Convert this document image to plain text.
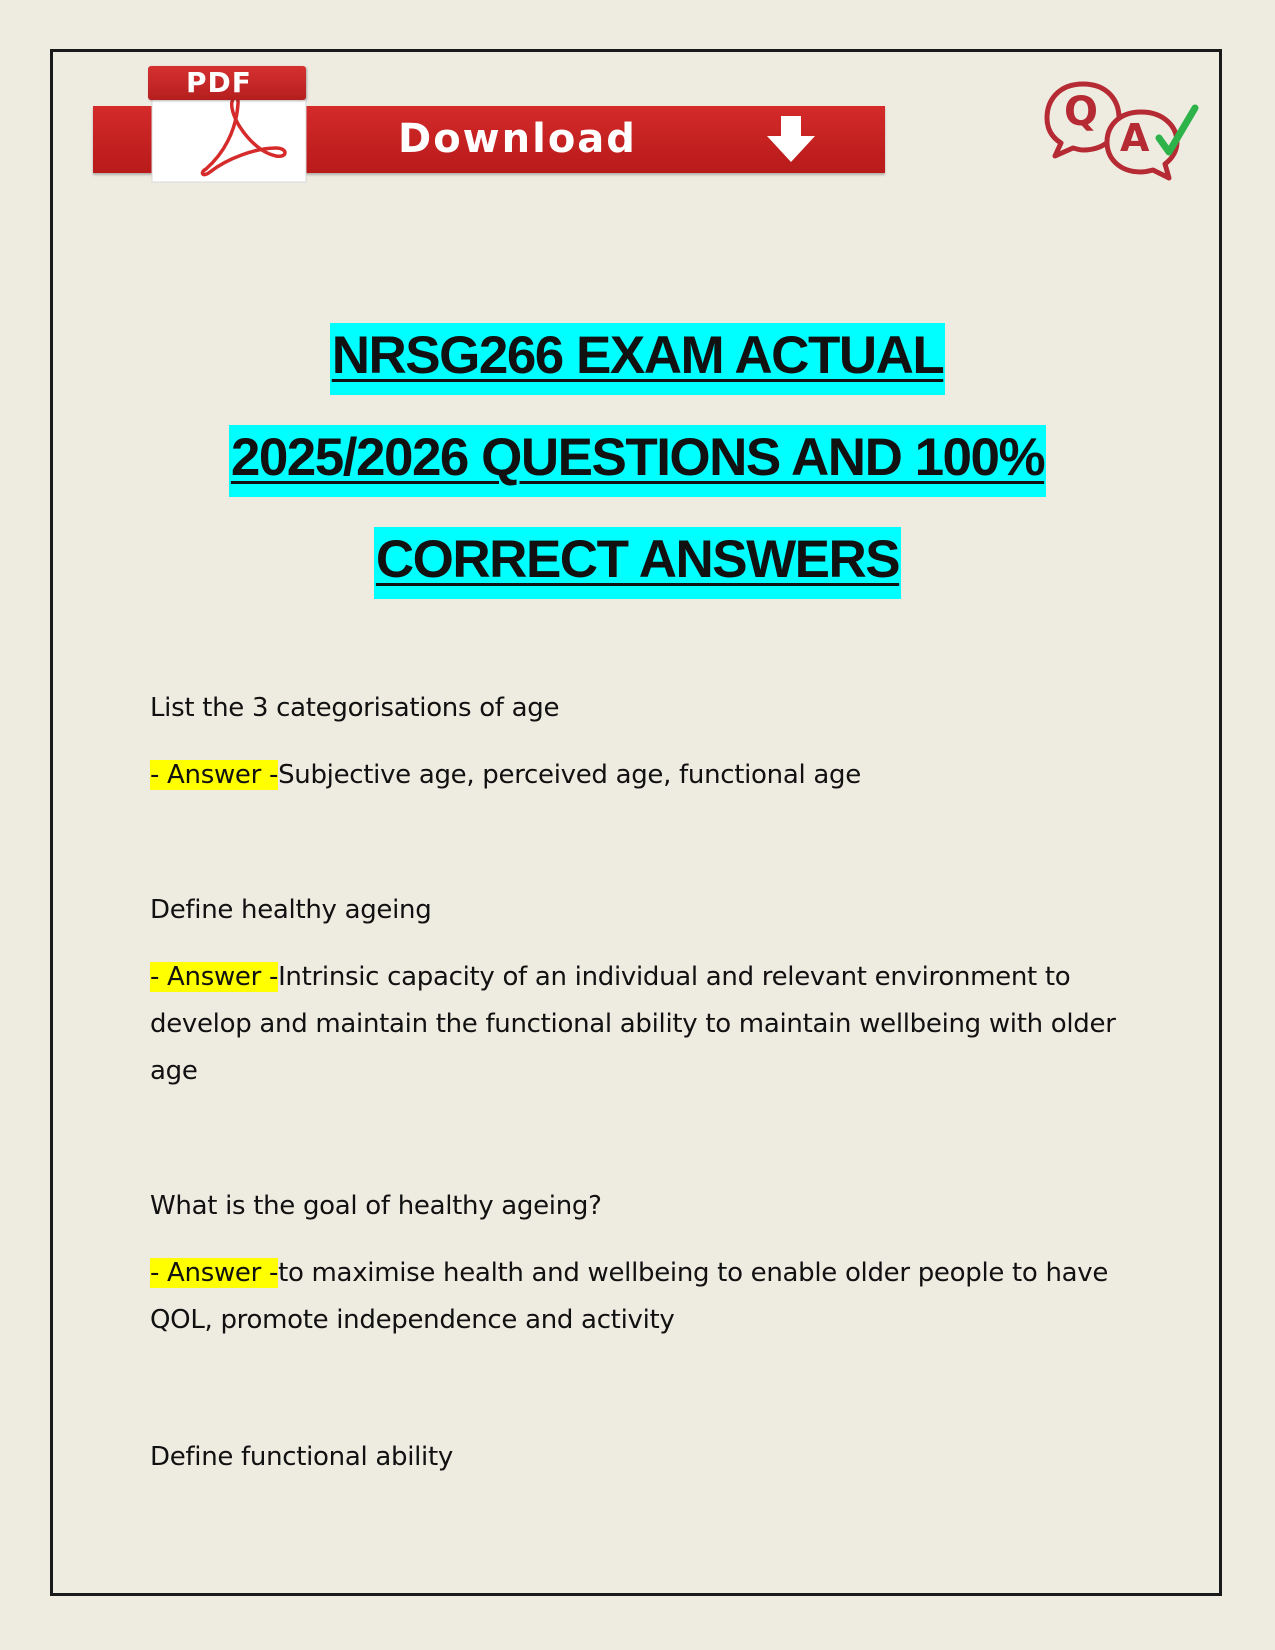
PDF
Download
Q
A
NRSG266 EXAM ACTUAL
2025/2026 QUESTIONS AND 100%
CORRECT ANSWERS

List the 3 categorisations of age

- Answer -Subjective age, perceived age, functional age

Define healthy ageing

- Answer -Intrinsic capacity of an individual and relevant environment to develop and maintain the functional ability to maintain wellbeing with older age

What is the goal of healthy ageing?

- Answer -to maximise health and wellbeing to enable older people to have QOL, promote independence and activity

Define functional ability
